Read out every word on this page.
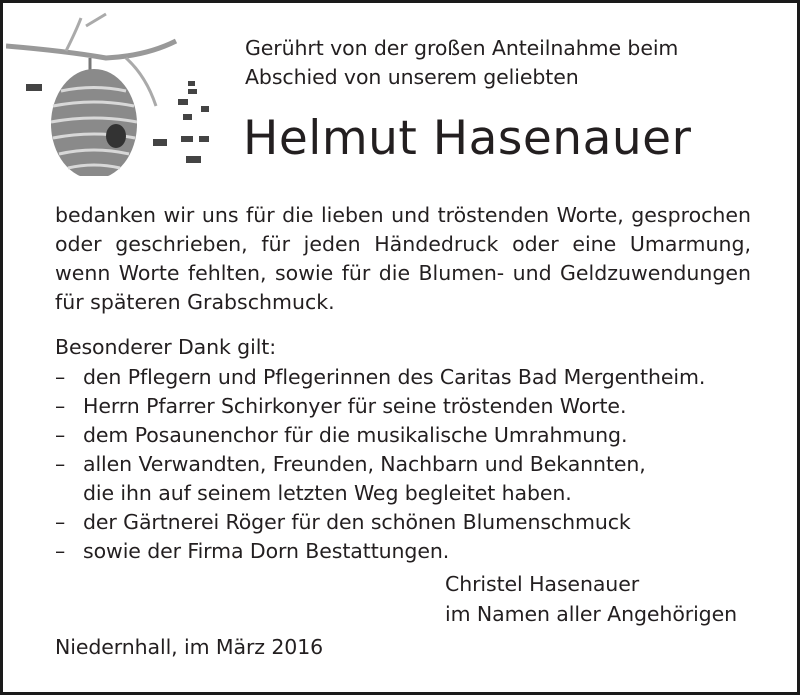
Gerührt von der großen Anteilnahme beim
Abschied von unserem geliebten
Helmut Hasenauer
bedanken wir uns für die lieben und tröstenden Worte, gesprochen
oder geschrieben, für jeden Händedruck oder eine Umarmung,
wenn Worte fehlten, sowie für die Blumen- und Geldzuwendungen
für späteren Grabschmuck.
Besonderer Dank gilt:
– den Pflegern und Pflegerinnen des Caritas Bad Mergentheim.
– Herrn Pfarrer Schirkonyer für seine tröstenden Worte.
– dem Posaunenchor für die musikalische Umrahmung.
– allen Verwandten, Freunden, Nachbarn und Bekannten,
die ihn auf seinem letzten Weg begleitet haben.
– der Gärtnerei Röger für den schönen Blumenschmuck
– sowie der Firma Dorn Bestattungen.
Christel Hasenauer
im Namen aller Angehörigen
Niedernhall, im März 2016
